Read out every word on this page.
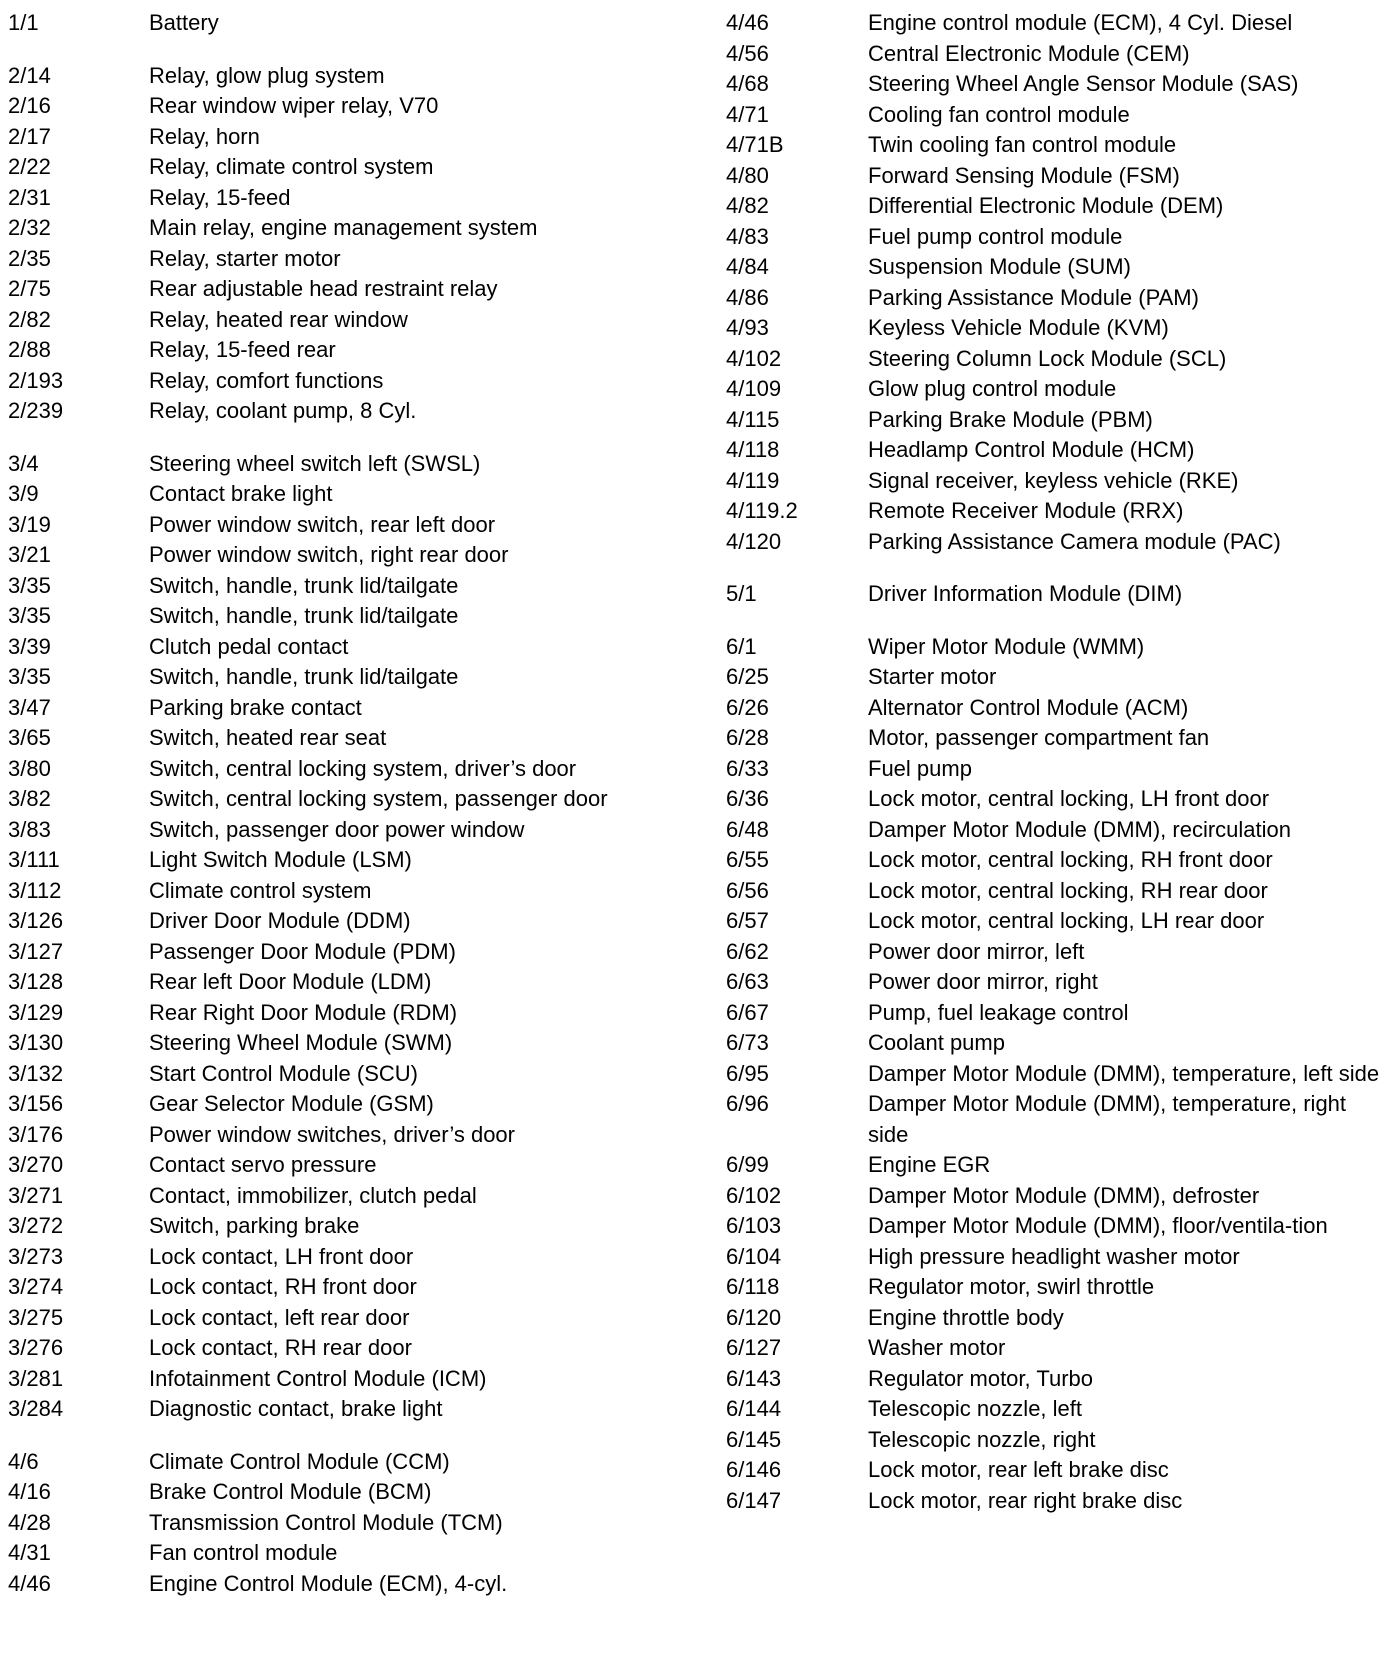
1/1	Battery
2/14	Relay, glow plug system
2/16	Rear window wiper relay, V70
2/17	Relay, horn
2/22	Relay, climate control system
2/31	Relay, 15-feed
2/32	Main relay, engine management system
2/35	Relay, starter motor
2/75	Rear adjustable head restraint relay
2/82	Relay, heated rear window
2/88	Relay, 15-feed rear
2/193	Relay, comfort functions
2/239	Relay, coolant pump, 8 Cyl.
3/4	Steering wheel switch left (SWSL)
3/9	Contact brake light
3/19	Power window switch, rear left door
3/21	Power window switch, right rear door
3/35	Switch, handle, trunk lid/tailgate
3/35	Switch, handle, trunk lid/tailgate
3/39	Clutch pedal contact
3/35	Switch, handle, trunk lid/tailgate
3/47	Parking brake contact
3/65	Switch, heated rear seat
3/80	Switch, central locking system, driver’s door
3/82	Switch, central locking system, passenger door
3/83	Switch, passenger door power window
3/111	Light Switch Module (LSM)
3/112	Climate control system
3/126	Driver Door Module (DDM)
3/127	Passenger Door Module (PDM)
3/128	Rear left Door Module (LDM)
3/129	Rear Right Door Module (RDM)
3/130	Steering Wheel Module (SWM)
3/132	Start Control Module (SCU)
3/156	Gear Selector Module (GSM)
3/176	Power window switches, driver’s door
3/270	Contact servo pressure
3/271	Contact, immobilizer, clutch pedal
3/272	Switch, parking brake
3/273	Lock contact, LH front door
3/274	Lock contact, RH front door
3/275	Lock contact, left rear door
3/276	Lock contact, RH rear door
3/281	Infotainment Control Module (ICM)
3/284	Diagnostic contact, brake light
4/6	Climate Control Module (CCM)
4/16	Brake Control Module (BCM)
4/28	Transmission Control Module (TCM)
4/31	Fan control module
4/46	Engine Control Module (ECM), 4-cyl.
4/46	Engine control module (ECM), 4 Cyl. Diesel
4/56	Central Electronic Module (CEM)
4/68	Steering Wheel Angle Sensor Module (SAS)
4/71	Cooling fan control module
4/71B	Twin cooling fan control module
4/80	Forward Sensing Module (FSM)
4/82	Differential Electronic Module (DEM)
4/83	Fuel pump control module
4/84	Suspension Module (SUM)
4/86	Parking Assistance Module (PAM)
4/93	Keyless Vehicle Module (KVM)
4/102	Steering Column Lock Module (SCL)
4/109	Glow plug control module
4/115	Parking Brake Module (PBM)
4/118	Headlamp Control Module (HCM)
4/119	Signal receiver, keyless vehicle (RKE)
4/119.2	Remote Receiver Module (RRX)
4/120	Parking Assistance Camera module (PAC)
5/1	Driver Information Module (DIM)
6/1	Wiper Motor Module (WMM)
6/25	Starter motor
6/26	Alternator Control Module (ACM)
6/28	Motor, passenger compartment fan
6/33	Fuel pump
6/36	Lock motor, central locking, LH front door
6/48	Damper Motor Module (DMM), recirculation
6/55	Lock motor, central locking, RH front door
6/56	Lock motor, central locking, RH rear door
6/57	Lock motor, central locking, LH rear door
6/62	Power door mirror, left
6/63	Power door mirror, right
6/67	Pump, fuel leakage control
6/73	Coolant pump
6/95	Damper Motor Module (DMM), temperature, left side
6/96	Damper Motor Module (DMM), temperature, right side
6/99	Engine EGR
6/102	Damper Motor Module (DMM), defroster
6/103	Damper Motor Module (DMM), floor/ventila-tion
6/104	High pressure headlight washer motor
6/118	Regulator motor, swirl throttle
6/120	Engine throttle body
6/127	Washer motor
6/143	Regulator motor, Turbo
6/144	Telescopic nozzle, left
6/145	Telescopic nozzle, right
6/146	Lock motor, rear left brake disc
6/147	Lock motor, rear right brake disc
